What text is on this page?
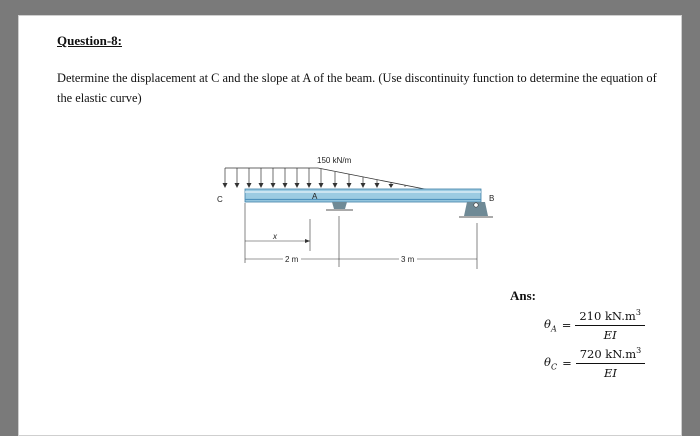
Question-8:
Determine the displacement at C and the slope at A of the beam. (Use discontinuity function to determine the equation of the elastic curve)
150 kN/m
C	A	B
x
2 m	3 m
Ans:
$\theta_A = \frac{210 kN.m^3}{EI}$
$\theta_C = \frac{720 kN.m^3}{EI}$
